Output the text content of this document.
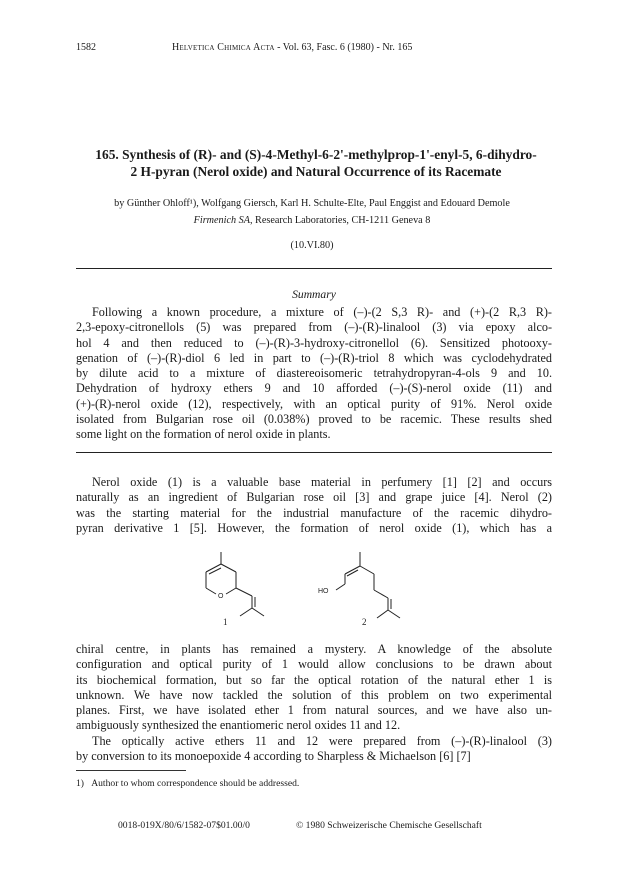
1582	Helvetica Chimica Acta - Vol. 63, Fasc. 6 (1980) - Nr. 165
165. Synthesis of (R)- and (S)-4-Methyl-6-2'-methylprop-1'-enyl-5, 6-dihydro-
2 H-pyran (Nerol oxide) and Natural Occurrence of its Racemate
by Günther Ohloff¹), Wolfgang Giersch, Karl H. Schulte-Elte, Paul Enggist and Edouard Demole
Firmenich SA, Research Laboratories, CH-1211 Geneva 8
(10.VI.80)
Summary
Following a known procedure, a mixture of (–)-(2 S,3 R)- and (+)-(2 R,3 R)-
2,3-epoxy-citronellols (5) was prepared from (–)-(R)-linalool (3) via epoxy alco-
hol 4 and then reduced to (–)-(R)-3-hydroxy-citronellol (6). Sensitized photooxy-
genation of (–)-(R)-diol 6 led in part to (–)-(R)-triol 8 which was cyclodehydrated
by dilute acid to a mixture of diastereoisomeric tetrahydropyran-4-ols 9 and 10.
Dehydration of hydroxy ethers 9 and 10 afforded (–)-(S)-nerol oxide (11) and
(+)-(R)-nerol oxide (12), respectively, with an optical purity of 91%. Nerol oxide
isolated from Bulgarian rose oil (0.038%) proved to be racemic. These results shed
some light on the formation of nerol oxide in plants.
Nerol oxide (1) is a valuable base material in perfumery [1] [2] and occurs
naturally as an ingredient of Bulgarian rose oil [3] and grape juice [4]. Nerol (2)
was the starting material for the industrial manufacture of the racemic dihydro-
pyran derivative 1 [5]. However, the formation of nerol oxide (1), which has a
O
1
HO
2
chiral centre, in plants has remained a mystery. A knowledge of the absolute
configuration and optical purity of 1 would allow conclusions to be drawn about
its biochemical formation, but so far the optical rotation of the natural ether 1 is
unknown. We have now tackled the solution of this problem on two experimental
planes. First, we have isolated ether 1 from natural sources, and we have also un-
ambiguously synthesized the enantiomeric nerol oxides 11 and 12.
The optically active ethers 11 and 12 were prepared from (–)-(R)-linalool (3)
by conversion to its monoepoxide 4 according to Sharpless & Michaelson [6] [7]
1) Author to whom correspondence should be addressed.
0018-019X/80/6/1582-07$01.00/0	© 1980 Schweizerische Chemische Gesellschaft
